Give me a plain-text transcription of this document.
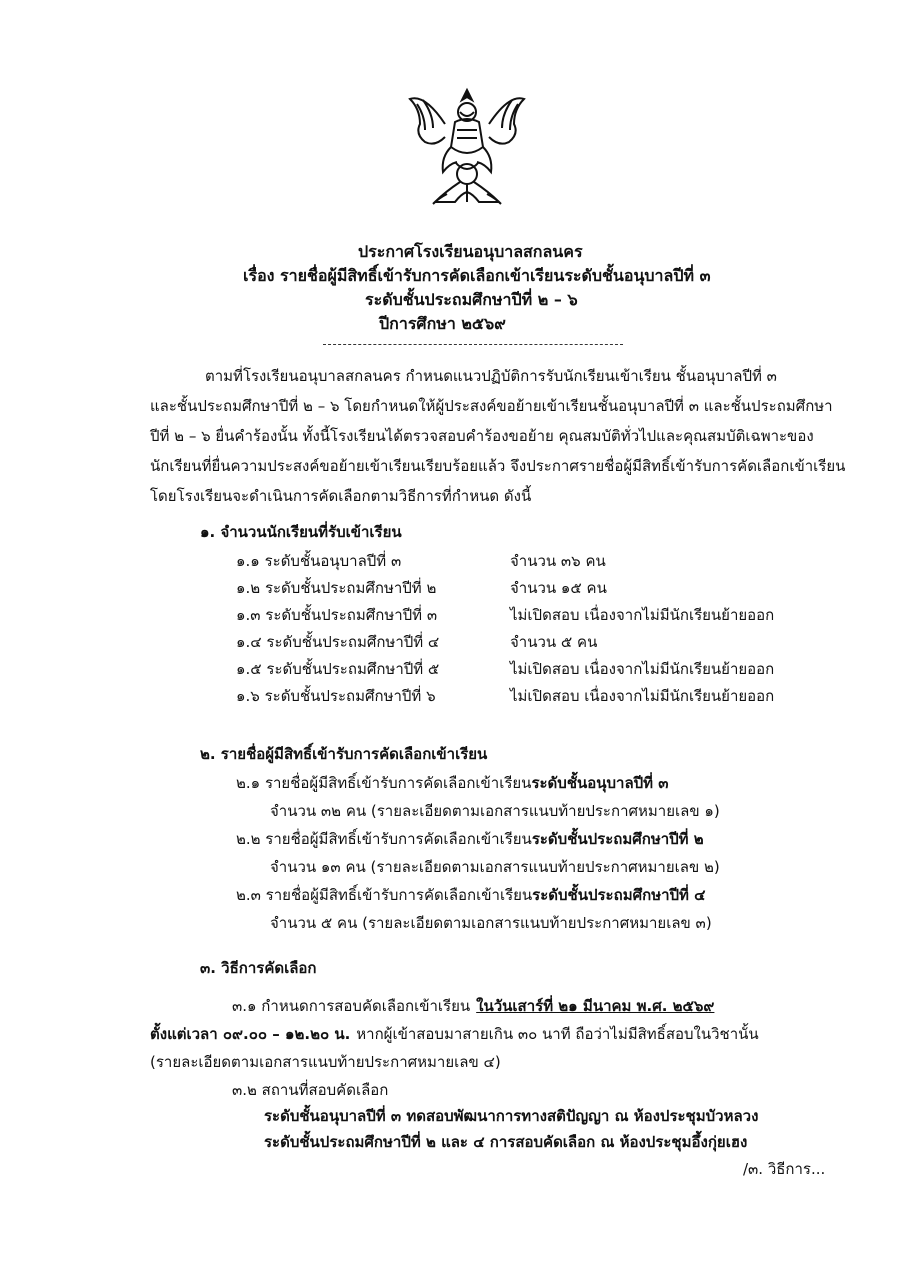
ประกาศโรงเรียนอนุบาลสกลนคร
เรื่อง รายชื่อผู้มีสิทธิ์เข้ารับการคัดเลือกเข้าเรียนระดับชั้นอนุบาลปีที่ ๓
ระดับชั้นประถมศึกษาปีที่ ๒ – ๖
ปีการศึกษา ๒๕๖๙
ตามที่โรงเรียนอนุบาลสกลนคร กำหนดแนวปฏิบัติการรับนักเรียนเข้าเรียน ชั้นอนุบาลปีที่ ๓
และชั้นประถมศึกษาปีที่ ๒ – ๖ โดยกำหนดให้ผู้ประสงค์ขอย้ายเข้าเรียนชั้นอนุบาลปีที่ ๓ และชั้นประถมศึกษา
ปีที่ ๒ – ๖ ยื่นคำร้องนั้น ทั้งนี้โรงเรียนได้ตรวจสอบคำร้องขอย้าย คุณสมบัติทั่วไปและคุณสมบัติเฉพาะของ
นักเรียนที่ยื่นความประสงค์ขอย้ายเข้าเรียนเรียบร้อยแล้ว จึงประกาศรายชื่อผู้มีสิทธิ์เข้ารับการคัดเลือกเข้าเรียน
โดยโรงเรียนจะดำเนินการคัดเลือกตามวิธีการที่กำหนด ดังนี้
๑. จำนวนนักเรียนที่รับเข้าเรียน
๑.๑ ระดับชั้นอนุบาลปีที่ ๓	จำนวน ๓๖ คน
๑.๒ ระดับชั้นประถมศึกษาปีที่ ๒	จำนวน ๑๕ คน
๑.๓ ระดับชั้นประถมศึกษาปีที่ ๓	ไม่เปิดสอบ เนื่องจากไม่มีนักเรียนย้ายออก
๑.๔ ระดับชั้นประถมศึกษาปีที่ ๔	จำนวน ๕ คน
๑.๕ ระดับชั้นประถมศึกษาปีที่ ๕	ไม่เปิดสอบ เนื่องจากไม่มีนักเรียนย้ายออก
๑.๖ ระดับชั้นประถมศึกษาปีที่ ๖	ไม่เปิดสอบ เนื่องจากไม่มีนักเรียนย้ายออก
๒. รายชื่อผู้มีสิทธิ์เข้ารับการคัดเลือกเข้าเรียน
๒.๑ รายชื่อผู้มีสิทธิ์เข้ารับการคัดเลือกเข้าเรียนระดับชั้นอนุบาลปีที่ ๓
จำนวน ๓๒ คน (รายละเอียดตามเอกสารแนบท้ายประกาศหมายเลข ๑)
๒.๒ รายชื่อผู้มีสิทธิ์เข้ารับการคัดเลือกเข้าเรียนระดับชั้นประถมศึกษาปีที่ ๒
จำนวน ๑๓ คน (รายละเอียดตามเอกสารแนบท้ายประกาศหมายเลข ๒)
๒.๓ รายชื่อผู้มีสิทธิ์เข้ารับการคัดเลือกเข้าเรียนระดับชั้นประถมศึกษาปีที่ ๔
จำนวน ๕ คน (รายละเอียดตามเอกสารแนบท้ายประกาศหมายเลข ๓)
๓. วิธีการคัดเลือก
๓.๑ กำหนดการสอบคัดเลือกเข้าเรียน ในวันเสาร์ที่ ๒๑ มีนาคม พ.ศ. ๒๕๖๙
ตั้งแต่เวลา ๐๙.๐๐ – ๑๒.๒๐ น. หากผู้เข้าสอบมาสายเกิน ๓๐ นาที ถือว่าไม่มีสิทธิ์สอบในวิชานั้น
(รายละเอียดตามเอกสารแนบท้ายประกาศหมายเลข ๔)
๓.๒ สถานที่สอบคัดเลือก
ระดับชั้นอนุบาลปีที่ ๓ ทดสอบพัฒนาการทางสติปัญญา ณ ห้องประชุมบัวหลวง
ระดับชั้นประถมศึกษาปีที่ ๒ และ ๔ การสอบคัดเลือก ณ ห้องประชุมอึ้งกุ่ยเฮง
/๓. วิธีการ...
